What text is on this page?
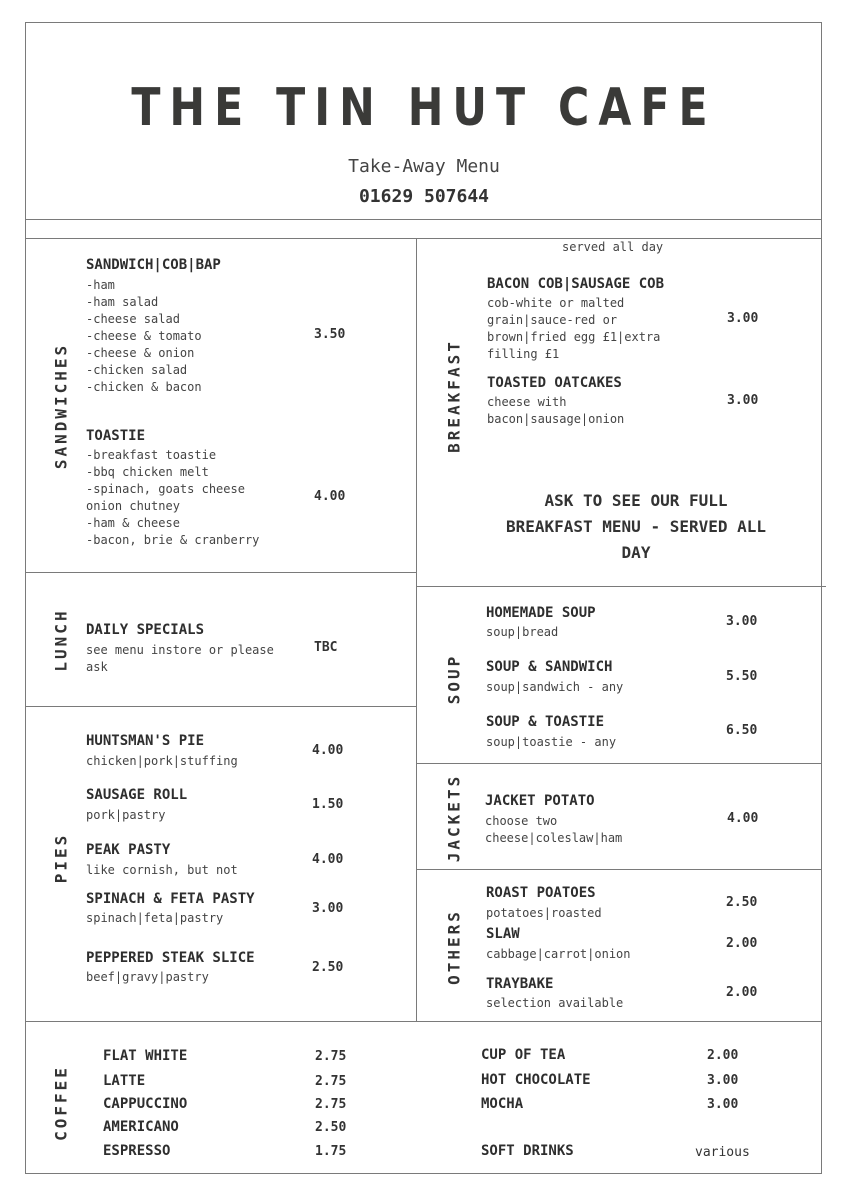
THE TIN HUT CAFE
Take-Away Menu
01629 507644
SANDWICHES
LUNCH
PIES
BREAKFAST
SOUP
JACKETS
OTHERS
COFFEE
SANDWICH|COB|BAP
-ham
-ham salad
-cheese salad
-cheese & tomato
-cheese & onion
-chicken salad
-chicken & bacon
3.50
TOASTIE
-breakfast toastie
-bbq chicken melt
-spinach, goats cheese
onion chutney
-ham & cheese
-bacon, brie & cranberry
4.00
DAILY SPECIALS
see menu instore or please
ask
TBC
HUNTSMAN'S PIE
chicken|pork|stuffing
4.00
SAUSAGE ROLL
pork|pastry
1.50
PEAK PASTY
like cornish, but not
4.00
SPINACH & FETA PASTY
spinach|feta|pastry
3.00
PEPPERED STEAK SLICE
beef|gravy|pastry
2.50
served all day
BACON COB|SAUSAGE COB
cob-white or malted
grain|sauce-red or
brown|fried egg £1|extra
filling £1
3.00
TOASTED OATCAKES
cheese with
bacon|sausage|onion
3.00
ASK TO SEE OUR FULL BREAKFAST MENU - SERVED ALL DAY
HOMEMADE SOUP
soup|bread
3.00
SOUP & SANDWICH
soup|sandwich - any
5.50
SOUP & TOASTIE
soup|toastie - any
6.50
JACKET POTATO
choose two
cheese|coleslaw|ham
4.00
ROAST POATOES
potatoes|roasted
2.50
SLAW
cabbage|carrot|onion
2.00
TRAYBAKE
selection available
2.00
FLAT WHITE	2.75
LATTE	2.75
CAPPUCCINO	2.75
AMERICANO	2.50
ESPRESSO	1.75
CUP OF TEA	2.00
HOT CHOCOLATE	3.00
MOCHA	3.00
SOFT DRINKS	various
